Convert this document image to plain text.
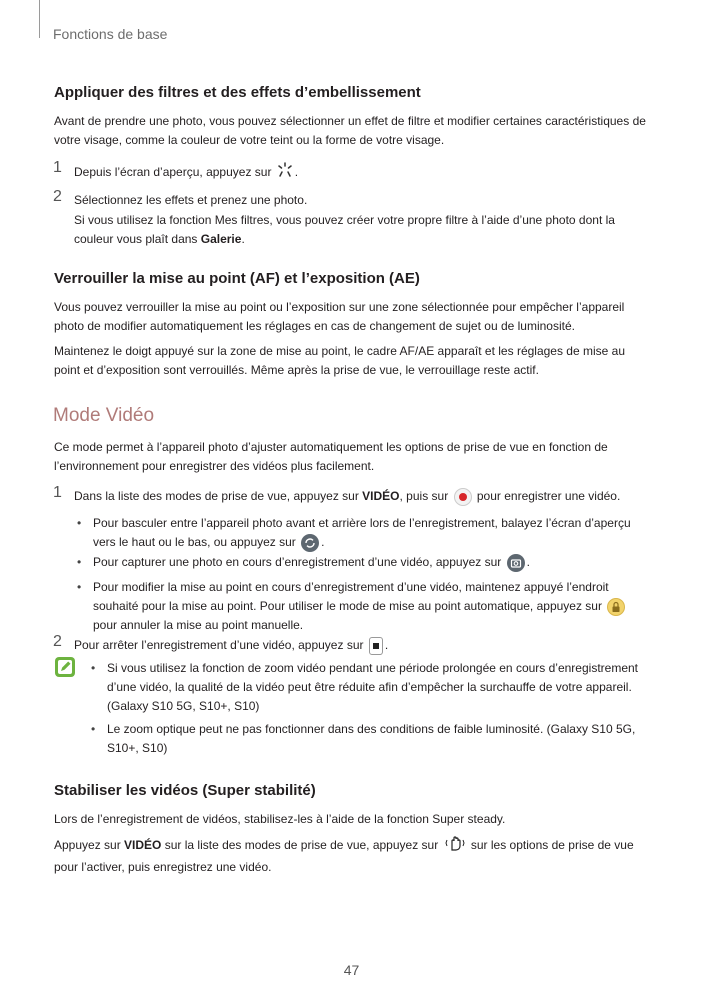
Fonctions de base
Appliquer des filtres et des effets d’embellissement
Avant de prendre une photo, vous pouvez sélectionner un effet de filtre et modifier certaines caractéristiques de votre visage, comme la couleur de votre teint ou la forme de votre visage.
1 Depuis l’écran d’aperçu, appuyez sur .
2 Sélectionnez les effets et prenez une photo.
Si vous utilisez la fonction Mes filtres, vous pouvez créer votre propre filtre à l’aide d’une photo dont la couleur vous plaît dans Galerie.
Verrouiller la mise au point (AF) et l’exposition (AE)
Vous pouvez verrouiller la mise au point ou l’exposition sur une zone sélectionnée pour empêcher l’appareil photo de modifier automatiquement les réglages en cas de changement de sujet ou de luminosité.
Maintenez le doigt appuyé sur la zone de mise au point, le cadre AF/AE apparaît et les réglages de mise au point et d’exposition sont verrouillés. Même après la prise de vue, le verrouillage reste actif.
Mode Vidéo
Ce mode permet à l’appareil photo d’ajuster automatiquement les options de prise de vue en fonction de l’environnement pour enregistrer des vidéos plus facilement.
1 Dans la liste des modes de prise de vue, appuyez sur VIDÉO, puis sur
pour enregistrer une vidéo.
• Pour basculer entre l’appareil photo avant et arrière lors de l’enregistrement, balayez l’écran d’aperçu vers le haut ou le bas, ou appuyez sur .
• Pour capturer une photo en cours d’enregistrement d’une vidéo, appuyez sur .
• Pour modifier la mise au point en cours d’enregistrement d’une vidéo, maintenez appuyé l’endroit souhaité pour la mise au point. Pour utiliser le mode de mise au point automatique, appuyez sur  pour annuler la mise au point manuelle.
2 Pour arrêter l’enregistrement d’une vidéo, appuyez sur
.
• Si vous utilisez la fonction de zoom vidéo pendant une période prolongée en cours d’enregistrement d’une vidéo, la qualité de la vidéo peut être réduite afin d’empêcher la surchauffe de votre appareil. (Galaxy S10 5G, S10+, S10)
• Le zoom optique peut ne pas fonctionner dans des conditions de faible luminosité. (Galaxy S10 5G, S10+, S10)
Stabiliser les vidéos (Super stabilité)
Lors de l’enregistrement de vidéos, stabilisez-les à l’aide de la fonction Super steady.
Appuyez sur VIDÉO sur la liste des modes de prise de vue, appuyez sur  sur les options de prise de vue pour l’activer, puis enregistrez une vidéo.
47
